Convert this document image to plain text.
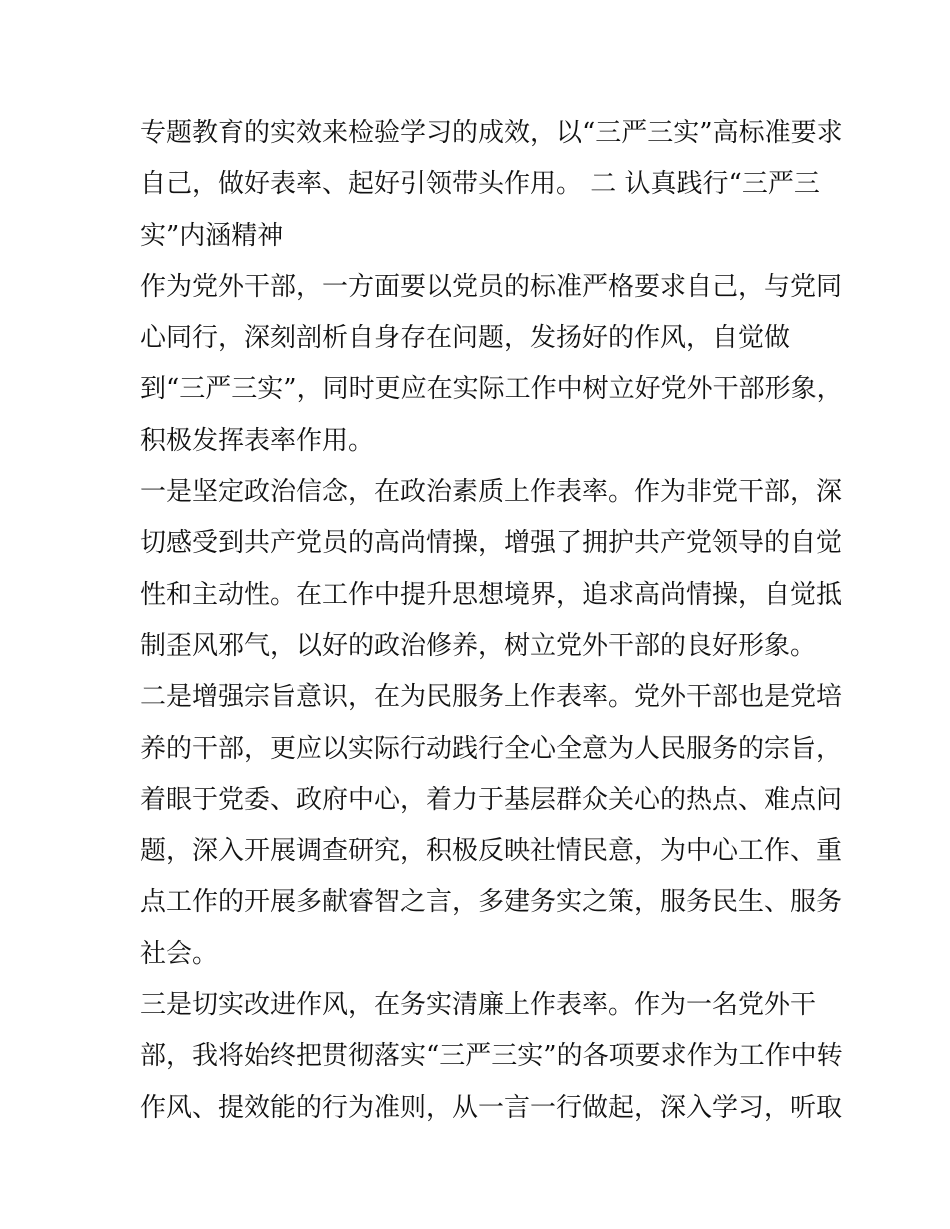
专题教育的实效来检验学习的成效，以“三严三实”高标准要求
自己，做好表率、起好引领带头作用。 二 认真践行“三严三
实”内涵精神
作为党外干部，一方面要以党员的标准严格要求自己，与党同
心同行，深刻剖析自身存在问题，发扬好的作风，自觉做
到“三严三实”，同时更应在实际工作中树立好党外干部形象，
积极发挥表率作用。
一是坚定政治信念，在政治素质上作表率。作为非党干部，深
切感受到共产党员的高尚情操，增强了拥护共产党领导的自觉
性和主动性。在工作中提升思想境界，追求高尚情操，自觉抵
制歪风邪气，以好的政治修养，树立党外干部的良好形象。
二是增强宗旨意识，在为民服务上作表率。党外干部也是党培
养的干部，更应以实际行动践行全心全意为人民服务的宗旨，
着眼于党委、政府中心，着力于基层群众关心的热点、难点问
题，深入开展调查研究，积极反映社情民意，为中心工作、重
点工作的开展多献睿智之言，多建务实之策，服务民生、服务
社会。
三是切实改进作风，在务实清廉上作表率。作为一名党外干
部，我将始终把贯彻落实“三严三实”的各项要求作为工作中转
作风、提效能的行为准则，从一言一行做起，深入学习，听取
